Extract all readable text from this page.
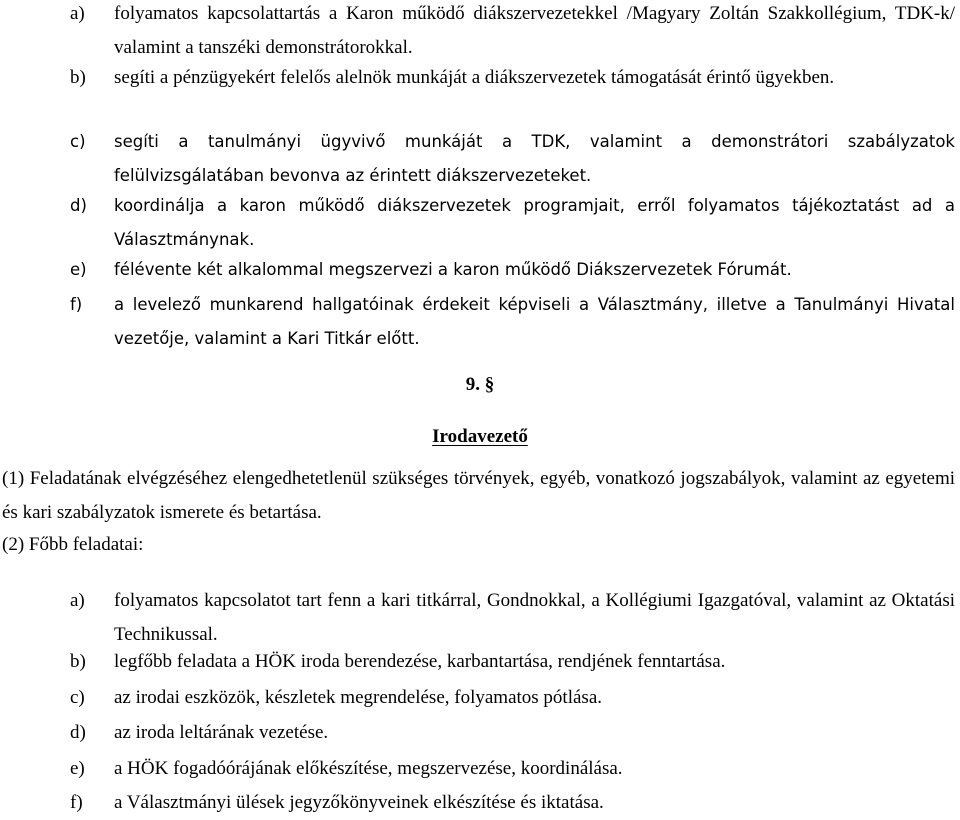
a) folyamatos kapcsolattartás a Karon működő diákszervezetekkel /Magyary Zoltán Szakkollégium, TDK-k/ valamint a tanszéki demonstrátorokkal.
b) segíti a pénzügyekért felelős alelnök munkáját a diákszervezetek támogatását érintő ügyekben.
c) segíti a tanulmányi ügyvivő munkáját a TDK, valamint a demonstrátori szabályzatok felülvizsgálatában bevonva az érintett diákszervezeteket.
d) koordinálja a karon működő diákszervezetek programjait, erről folyamatos tájékoztatást ad a Választmánynak.
e) félévente két alkalommal megszervezi a karon működő Diákszervezetek Fórumát.
f) a levelező munkarend hallgatóinak érdekeit képviseli a Választmány, illetve a Tanulmányi Hivatal vezetője, valamint a Kari Titkár előtt.
9. §
Irodavezető
(1) Feladatának elvégzéséhez elengedhetetlenül szükséges törvények, egyéb, vonatkozó jogszabályok, valamint az egyetemi és kari szabályzatok ismerete és betartása.
(2) Főbb feladatai:
a) folyamatos kapcsolatot tart fenn a kari titkárral, Gondnokkal, a Kollégiumi Igazgatóval, valamint az Oktatási Technikussal.
b) legfőbb feladata a HÖK iroda berendezése, karbantartása, rendjének fenntartása.
c) az irodai eszközök, készletek megrendelése, folyamatos pótlása.
d) az iroda leltárának vezetése.
e) a HÖK fogadóórájának előkészítése, megszervezése, koordinálása.
f) a Választmányi ülések jegyzőkönyveinek elkészítése és iktatása.
